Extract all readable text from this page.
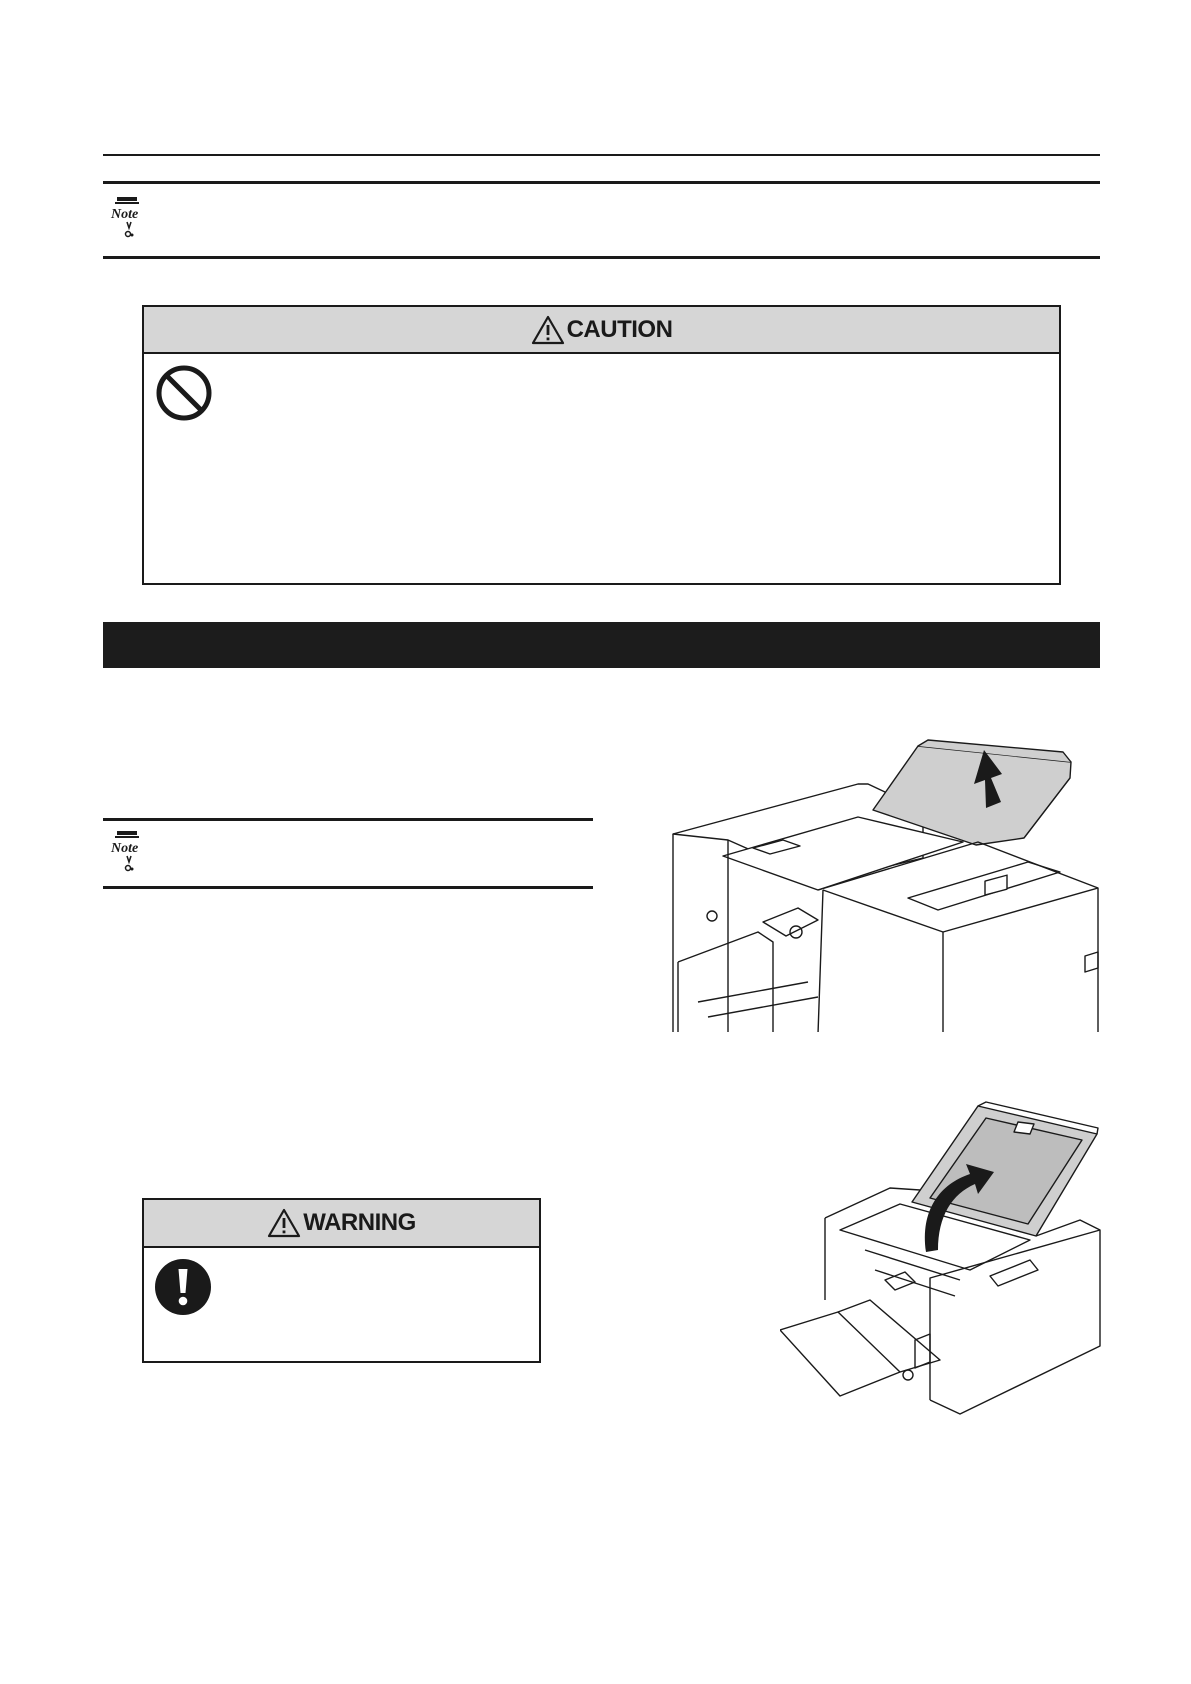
Note
CAUTION
Note
WARNING
